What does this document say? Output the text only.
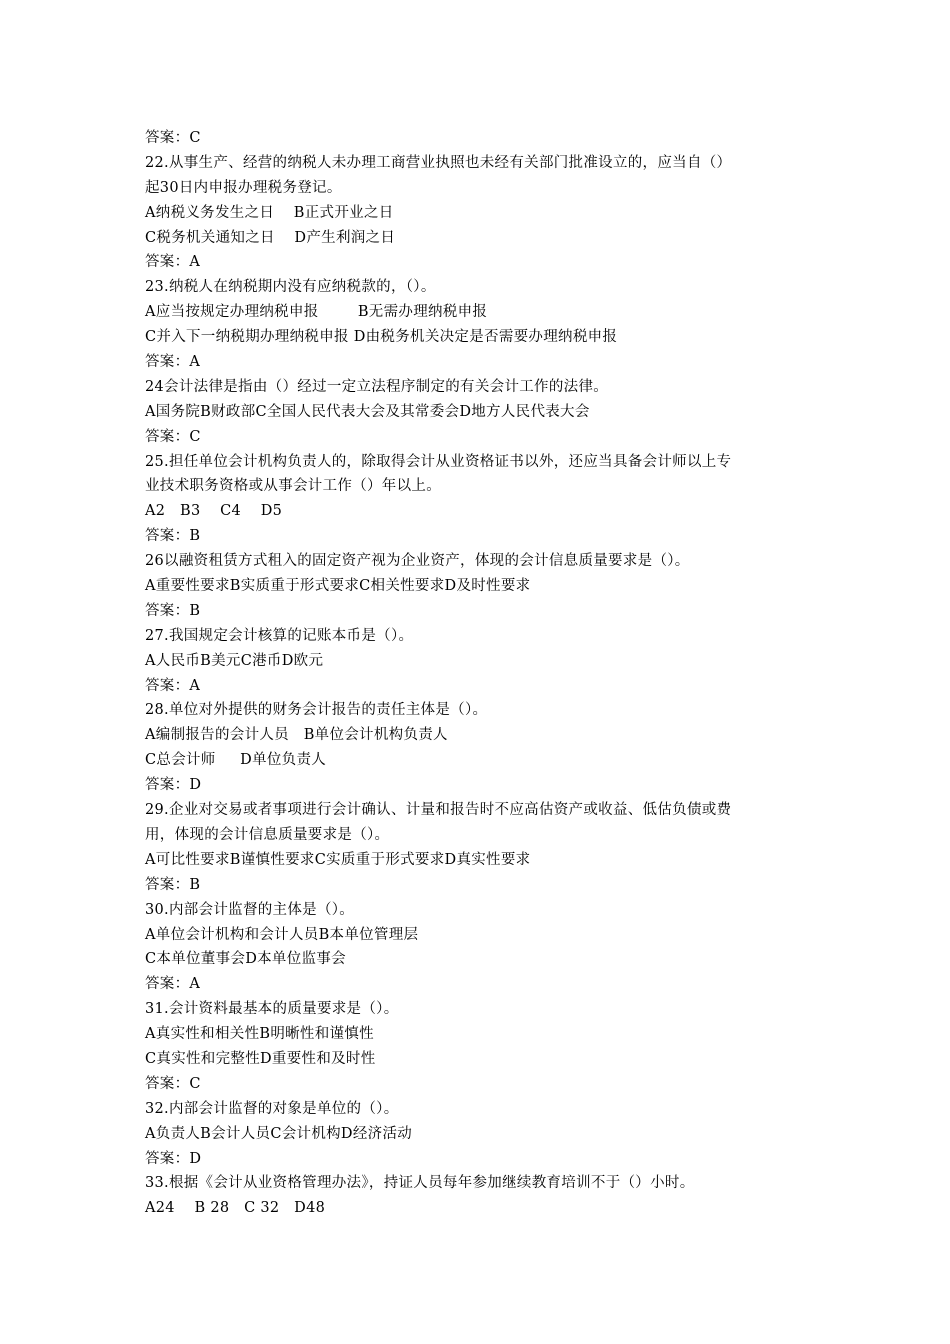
答案：C
22.从事生产、经营的纳税人未办理工商营业执照也未经有关部门批准设立的，应当自（）
起30日内申报办理税务登记。
A纳税义务发生之日    B正式开业之日
C税务机关通知之日    D产生利润之日
答案：A
23.纳税人在纳税期内没有应纳税款的，（）。
A应当按规定办理纳税申报        B无需办理纳税申报
C并入下一纳税期办理纳税申报 D由税务机关决定是否需要办理纳税申报
答案：A
24会计法律是指由（）经过一定立法程序制定的有关会计工作的法律。
A国务院B财政部C全国人民代表大会及其常委会D地方人民代表大会
答案：C
25.担任单位会计机构负责人的，除取得会计从业资格证书以外，还应当具备会计师以上专
业技术职务资格或从事会计工作（）年以上。
A2   B3    C4    D5
答案：B
26以融资租赁方式租入的固定资产视为企业资产，体现的会计信息质量要求是（）。
A重要性要求B实质重于形式要求C相关性要求D及时性要求
答案：B
27.我国规定会计核算的记账本币是（）。
A人民币B美元C港币D欧元
答案：A
28.单位对外提供的财务会计报告的责任主体是（）。
A编制报告的会计人员   B单位会计机构负责人
C总会计师     D单位负责人
答案：D
29.企业对交易或者事项进行会计确认、计量和报告时不应高估资产或收益、低估负债或费
用，体现的会计信息质量要求是（）。
A可比性要求B谨慎性要求C实质重于形式要求D真实性要求
答案：B
30.内部会计监督的主体是（）。
A单位会计机构和会计人员B本单位管理层
C本单位董事会D本单位监事会
答案：A
31.会计资料最基本的质量要求是（）。
A真实性和相关性B明晰性和谨慎性
C真实性和完整性D重要性和及时性
答案：C
32.内部会计监督的对象是单位的（）。
A负责人B会计人员C会计机构D经济活动
答案：D
33.根据《会计从业资格管理办法》，持证人员每年参加继续教育培训不于（）小时。
A24    B 28   C 32   D48
